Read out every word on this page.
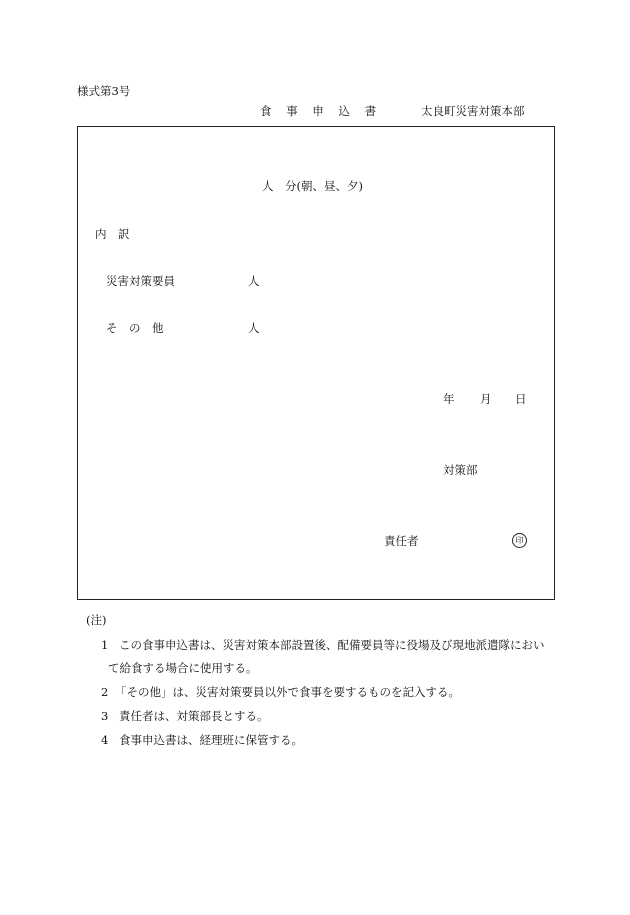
様式第3号
食 事 申 込 書	太良町災害対策本部
人　分(朝、昼、夕)
内　訳
災害対策要員	人
そ　の　他	人
年 月 日
対策部
責任者	印
(注)
1 この食事申込書は、災害対策本部設置後、配備要員等に役場及び現地派遣隊におい
て給食する場合に使用する。
2 「その他」は、災害対策要員以外で食事を要するものを記入する。
3 責任者は、対策部長とする。
4 食事申込書は、経理班に保管する。
